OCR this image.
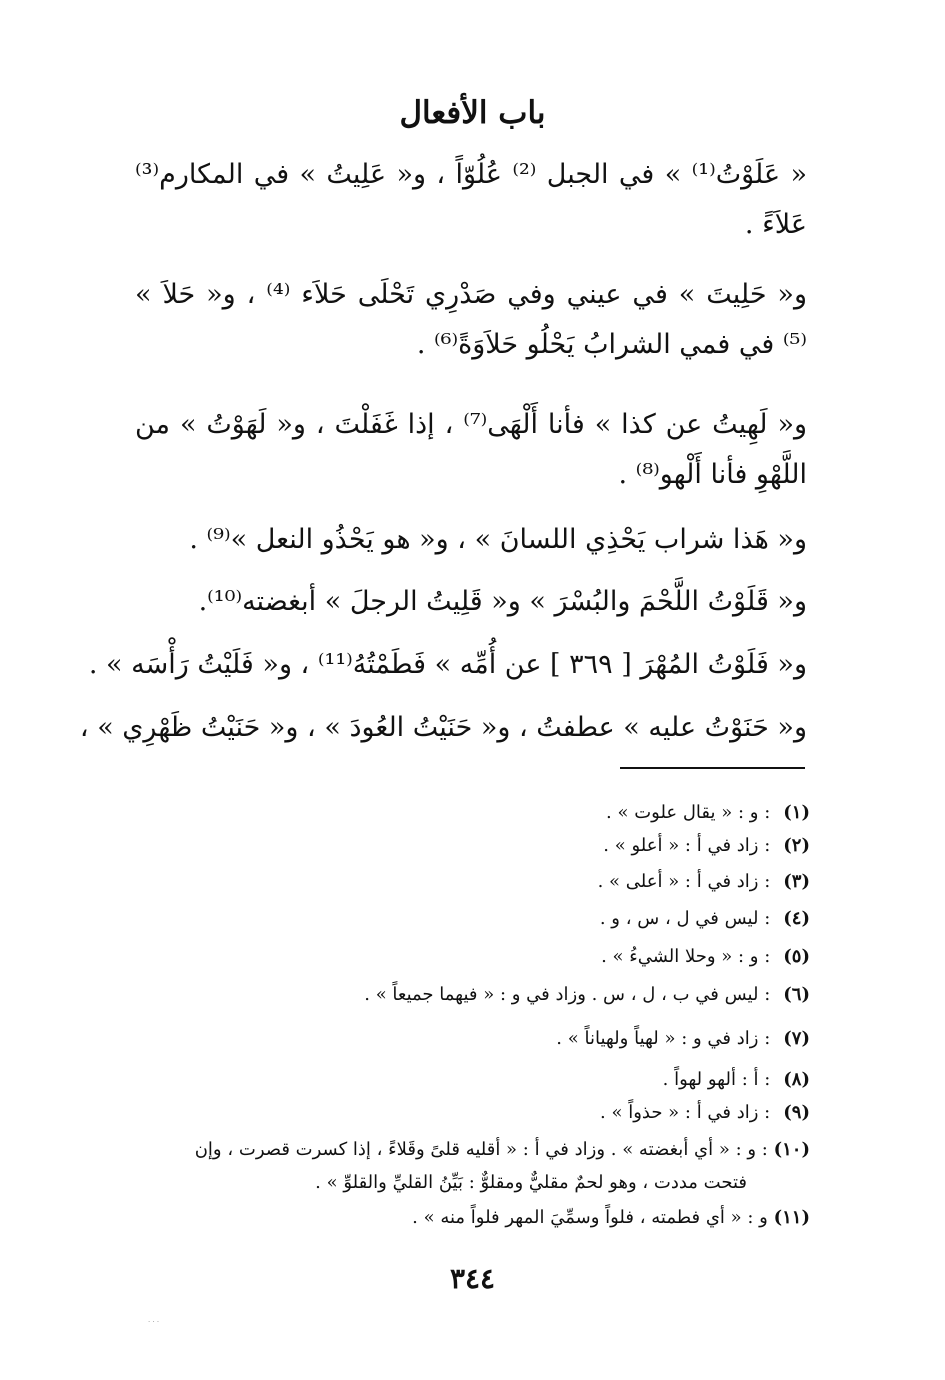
باب الأفعال
« عَلَوْتُ⁽¹⁾ » في الجبل ⁽²⁾ عُلُوّاً ، و« عَلِيتُ » في المكارم⁽³⁾ عَلاَءً .
و« حَلِيتَ » في عيني وفي صَدْرِي تَحْلَى حَلاَء ⁽⁴⁾ ، و« حَلاَ » ⁽⁵⁾ في فمي الشرابُ يَحْلُو حَلاَوَةً⁽⁶⁾ .
و« لَهِيتُ عن كذا » فأنا أَلْهَى⁽⁷⁾ ، إذا غَفَلْتَ ، و« لَهَوْتُ » من اللَّهْوِ فأنا أَلْهو⁽⁸⁾ .
و« هَذا شراب يَحْذِي اللسانَ » ، و« هو يَحْذُو النعل »⁽⁹⁾ .
و« قَلَوْتُ اللَّحْمَ والبُسْرَ » و« قَلِيتُ الرجلَ » أبغضته⁽¹⁰⁾.
و« فَلَوْتُ المُهْرَ [ ٣٦٩ ] عن أُمِّه » فَطَمْتُهُ⁽¹¹⁾ ، و« فَلَيْتُ رَأْسَه » .
و« حَنَوْتُ عليه » عطفتُ ، و« حَنَيْتُ العُودَ » ، و« حَنَيْتُ ظَهْرِي » ،
(١) : و : « يقال علوت » .
(٢) : زاد في أ : « أعلو » .
(٣) : زاد في أ : « أعلى » .
(٤) : ليس في ل ، س ، و .
(٥) : و : « وحلا الشيءُ » .
(٦) : ليس في ب ، ل ، س . وزاد في و : « فيهما جميعاً » .
(٧) : زاد في و : « لهياً ولهياناً » .
(٨) : أ : ألهو لهواً .
(٩) : زاد في أ : « حذواً » .
(١٠) : و : « أي أبغضته » . وزاد في أ : « أقليه قلىً وقَلاءً ، إذا كسرت قصرت ، وإن
فتحت مددت ، وهو لحمٌ مقليٌّ ومقلوٌّ : بَيِّنُ القليِّ والقلوِّ » .
(١١) و : « أي فطمته ، فلواً وسمِّيَ المهر فلواً منه » .
٣٤٤
· · ·
